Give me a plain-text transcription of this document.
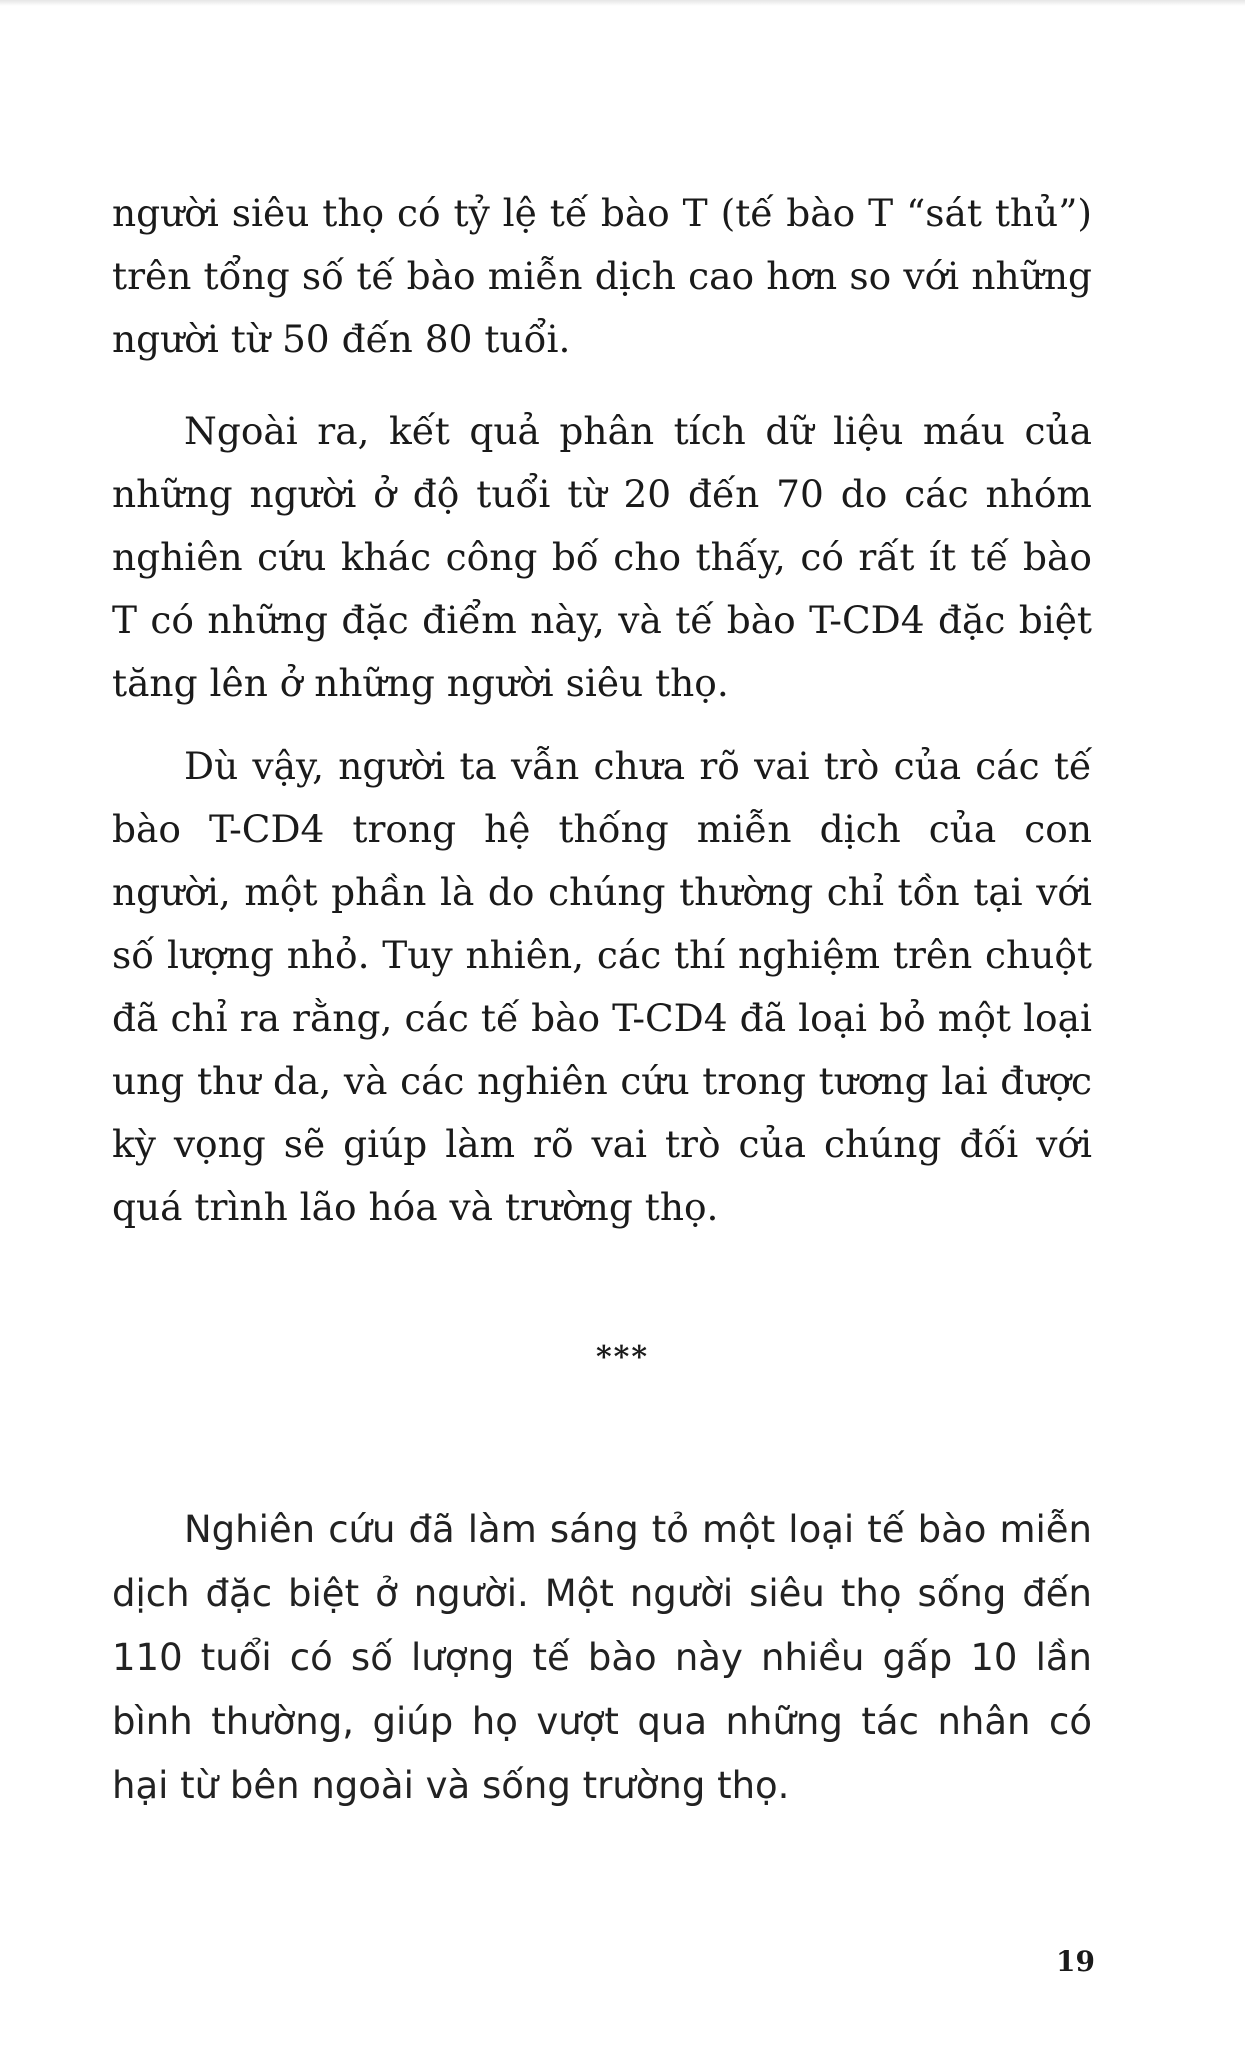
người siêu thọ có tỷ lệ tế bào T (tế bào T “sát thủ”) trên tổng số tế bào miễn dịch cao hơn so với những người từ 50 đến 80 tuổi.

Ngoài ra, kết quả phân tích dữ liệu máu của những người ở độ tuổi từ 20 đến 70 do các nhóm nghiên cứu khác công bố cho thấy, có rất ít tế bào T có những đặc điểm này, và tế bào T-CD4 đặc biệt tăng lên ở những người siêu thọ.

Dù vậy, người ta vẫn chưa rõ vai trò của các tế bào T-CD4 trong hệ thống miễn dịch của con người, một phần là do chúng thường chỉ tồn tại với số lượng nhỏ. Tuy nhiên, các thí nghiệm trên chuột đã chỉ ra rằng, các tế bào T-CD4 đã loại bỏ một loại ung thư da, và các nghiên cứu trong tương lai được kỳ vọng sẽ giúp làm rõ vai trò của chúng đối với quá trình lão hóa và trường thọ.

***
Nghiên cứu đã làm sáng tỏ một loại tế bào miễn dịch đặc biệt ở người. Một người siêu thọ sống đến 110 tuổi có số lượng tế bào này nhiều gấp 10 lần bình thường, giúp họ vượt qua những tác nhân có hại từ bên ngoài và sống trường thọ.
19
